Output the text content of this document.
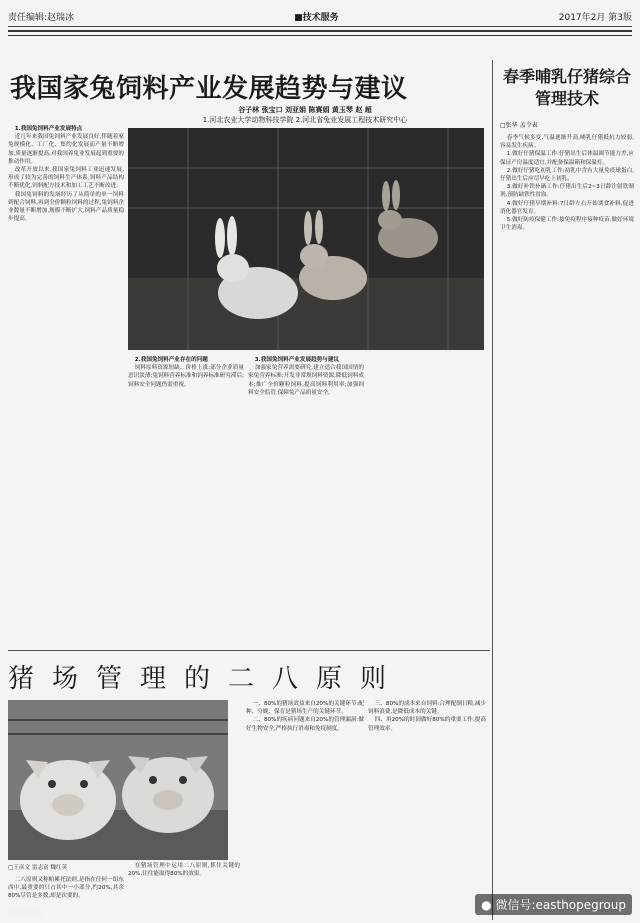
责任编辑:赵瑞冰	■技术服务	2017年2月 第3版
我国家兔饲料产业发展趋势与建议
谷子林 张宝口 刘亚娟 陈赛娟 黄玉琴 赵 超
1.河北农业大学动物科技学院 2.河北省兔业发展工程技术研究中心

1.我国兔饲料产业发展特点

近几年来我国兔饲料产业发展良好,伴随着家兔规模化、工厂化、集约化发展而产量不断增加,质量逐渐提高,对我国养兔业发展起到重要的推动作用。

改革开放以来,我国家兔饲料工业迅速发展,形成了较为完善的饲料生产体系,饲料产品结构不断优化,饲料配方技术和加工工艺不断改进。

我国兔饲料的发展经历了从简单的单一饲料到配合饲料,再到全价颗粒饲料的过程,兔饲料企业数量不断增加,规模不断扩大,饲料产品质量稳步提高。

2.我国兔饲料产业存在的问题

饲料原料资源短缺、价格上涨;部分企业质量意识淡薄;兔饲料营养标准和饲养标准研究滞后;饲料安全问题仍需重视。

3.我国兔饲料产业发展趋势与建议

加强家兔营养需要研究,建立适合我国国情的家兔营养标准;开发非常规饲料资源,降低饲料成本;推广全价颗粒饲料,提高饲料利用率;加强饲料安全监管,保障兔产品质量安全。

春季哺乳仔猪综合管理技术
□张华 孟令表

春季气候多变,气温逐渐升高,哺乳仔猪抵抗力较弱,容易发生疾病。

1.做好仔猪保温工作:仔猪出生后体温调节能力差,应保证产房温度适宜,并配备保温箱和保温灯。

2.做好仔猪吃初乳工作:初乳中含有大量免疫球蛋白,仔猪出生后应尽早吃上初乳。

3.做好补铁补硒工作:仔猪出生后2~3日龄注射铁制剂,预防缺铁性贫血。

4.做好仔猪早期补料:7日龄左右开始诱食补料,促进消化器官发育。

5.做好防疫保健工作:按免疫程序接种疫苗,做好环境卫生消毒。

猪场管理的二八原则
□王彦文 雷志富 魏红英

二八原则又称帕累托法则,是指在任何一组东西中,最重要的只占其中一小部分,约20%,其余80%尽管是多数,却是次要的。

在猪场管理中运用二八原则,抓住关键的20%,往往能取得80%的效果。

一、80%的猪场效益来自20%的关键环节:配种、分娩、保育是猪场生产的关键环节。

二、80%的疾病问题来自20%的管理漏洞:做好生物安全,严格执行消毒和免疫制度。

三、80%的成本来自饲料:合理配制日粮,减少饲料浪费,是降低成本的关键。

四、用20%的时间做好80%的重要工作,提高管理效率。

大猪搜狐号
● 微信号:easthopegroup
